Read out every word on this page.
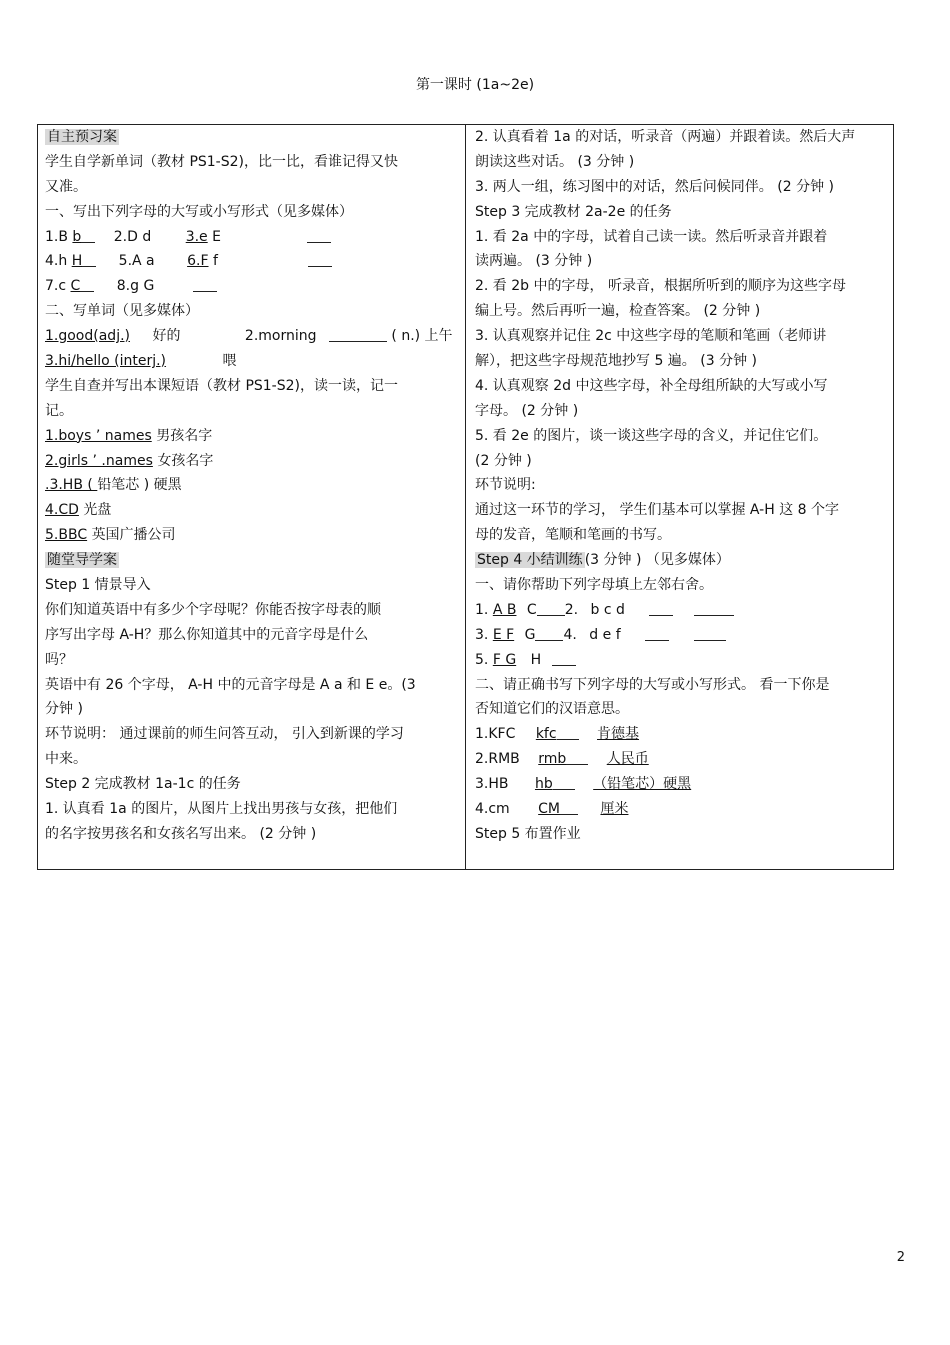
第一课时 (1a~2e)
自主预习案
学生自学新单词（教材 PS1-S2)，比一比，看谁记得又快
又准。
一、写出下列字母的大写或小写形式（见多媒体）
1.B b 2.D d 3.e E
4.h H	5.A a 6.F f
7.c C	8.g G
二、写单词（见多媒体）
1.good(adj.) 好的	2.morning	( n.) 上午
3.hi/hello (interj.)	喂
学生自查并写出本课短语（教材 PS1-S2)，读一读，记一
记。
1.boys ’ names 男孩名字
2.girls ’ .names 女孩名字
.3.HB ( 铅笔芯 ) 硬黑
4.CD 光盘
5.BBC 英国广播公司
随堂导学案
Step 1 情景导入
你们知道英语中有多少个字母呢？你能否按字母表的顺
序写出字母 A-H？那么你知道其中的元音字母是什么
吗？
英语中有 26 个字母， A-H 中的元音字母是 A a 和 E e。(3
分钟 )
环节说明： 通过课前的师生问答互动， 引入到新课的学习
中来。
Step 2 完成教材 1a-1c 的任务
1. 认真看 1a 的图片，从图片上找出男孩与女孩，把他们
的名字按男孩名和女孩名写出来。 (2 分钟 )
2. 认真看着 1a 的对话，听录音（两遍）并跟着读。然后大声
朗读这些对话。 (3 分钟 )
3. 两人一组，练习图中的对话，然后问候同伴。 (2 分钟 )
Step 3 完成教材 2a-2e 的任务
1. 看 2a 中的字母，试着自己读一读。然后听录音并跟着
读两遍。 (3 分钟 )
2. 看 2b 中的字母， 听录音，根据所听到的顺序为这些字母
编上号。然后再听一遍，检查答案。 (2 分钟 )
3. 认真观察并记住 2c 中这些字母的笔顺和笔画（老师讲
解），把这些字母规范地抄写 5 遍。 (3 分钟 )
4. 认真观察 2d 中这些字母，补全母组所缺的大写或小写
字母。 (2 分钟 )
5. 看 2e 的图片，谈一谈这些字母的含义，并记住它们。
(2 分钟 )
环节说明:
通过这一环节的学习， 学生们基本可以掌握 A-H 这 8 个字
母的发音，笔顺和笔画的书写。
Step 4 小结训练 (3 分钟 ) （见多媒体）
一、请你帮助下列字母填上左邻右舍。
1. A B C 2. b c d
3. E F G 4. d e f
5. F G H
二、请正确书写下列字母的大写或小写形式。 看一下你是
否知道它们的汉语意思。
1.KFC kfc	肯德基
2.RMB rmb	人民币
3.HB hb	（铅笔芯）硬黑
4.cm CM	厘米
Step 5 布置作业
2
